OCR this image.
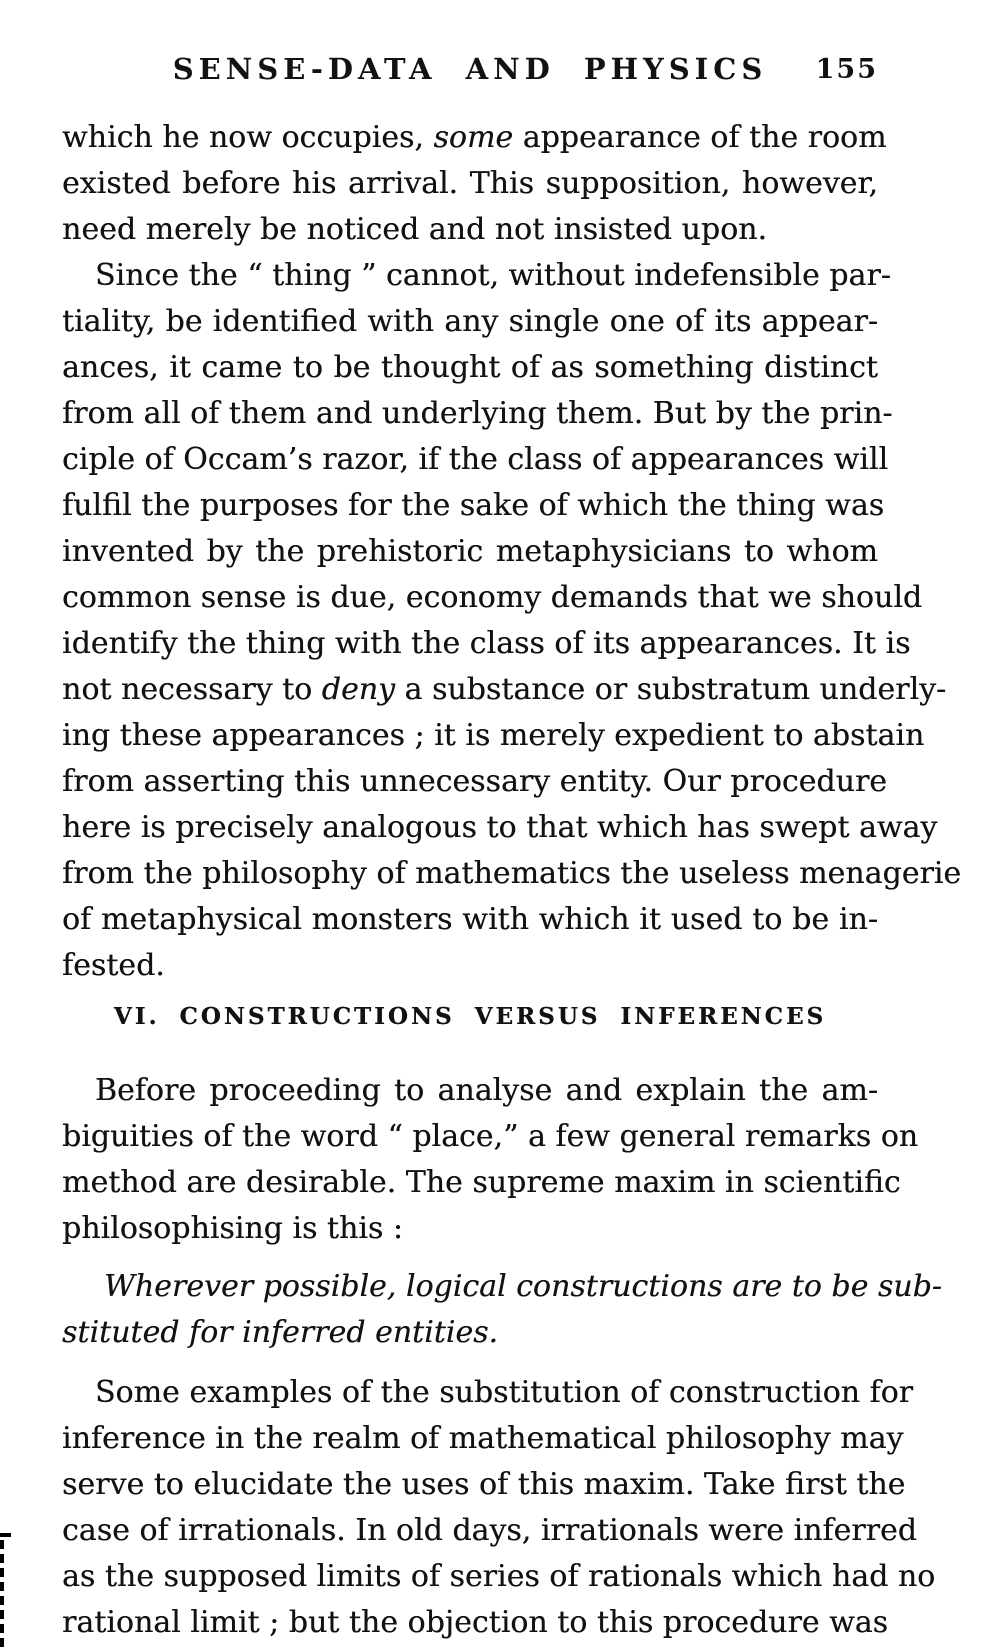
SENSE-DATA AND PHYSICS	155
which he now occupies, some appearance of the room
existed before his arrival. This supposition, however,
need merely be noticed and not insisted upon.
Since the “ thing ” cannot, without indefensible par-
tiality, be identified with any single one of its appear-
ances, it came to be thought of as something distinct
from all of them and underlying them. But by the prin-
ciple of Occam’s razor, if the class of appearances will
fulfil the purposes for the sake of which the thing was
invented by the prehistoric metaphysicians to whom
common sense is due, economy demands that we should
identify the thing with the class of its appearances. It is
not necessary to deny a substance or substratum underly-
ing these appearances ; it is merely expedient to abstain
from asserting this unnecessary entity. Our procedure
here is precisely analogous to that which has swept away
from the philosophy of mathematics the useless menagerie
of metaphysical monsters with which it used to be in-
fested.
VI. CONSTRUCTIONS VERSUS INFERENCES
Before proceeding to analyse and explain the am-
biguities of the word “ place,” a few general remarks on
method are desirable. The supreme maxim in scientific
philosophising is this :
Wherever possible, logical constructions are to be sub-
stituted for inferred entities.
Some examples of the substitution of construction for
inference in the realm of mathematical philosophy may
serve to elucidate the uses of this maxim. Take first the
case of irrationals. In old days, irrationals were inferred
as the supposed limits of series of rationals which had no
rational limit ; but the objection to this procedure was
